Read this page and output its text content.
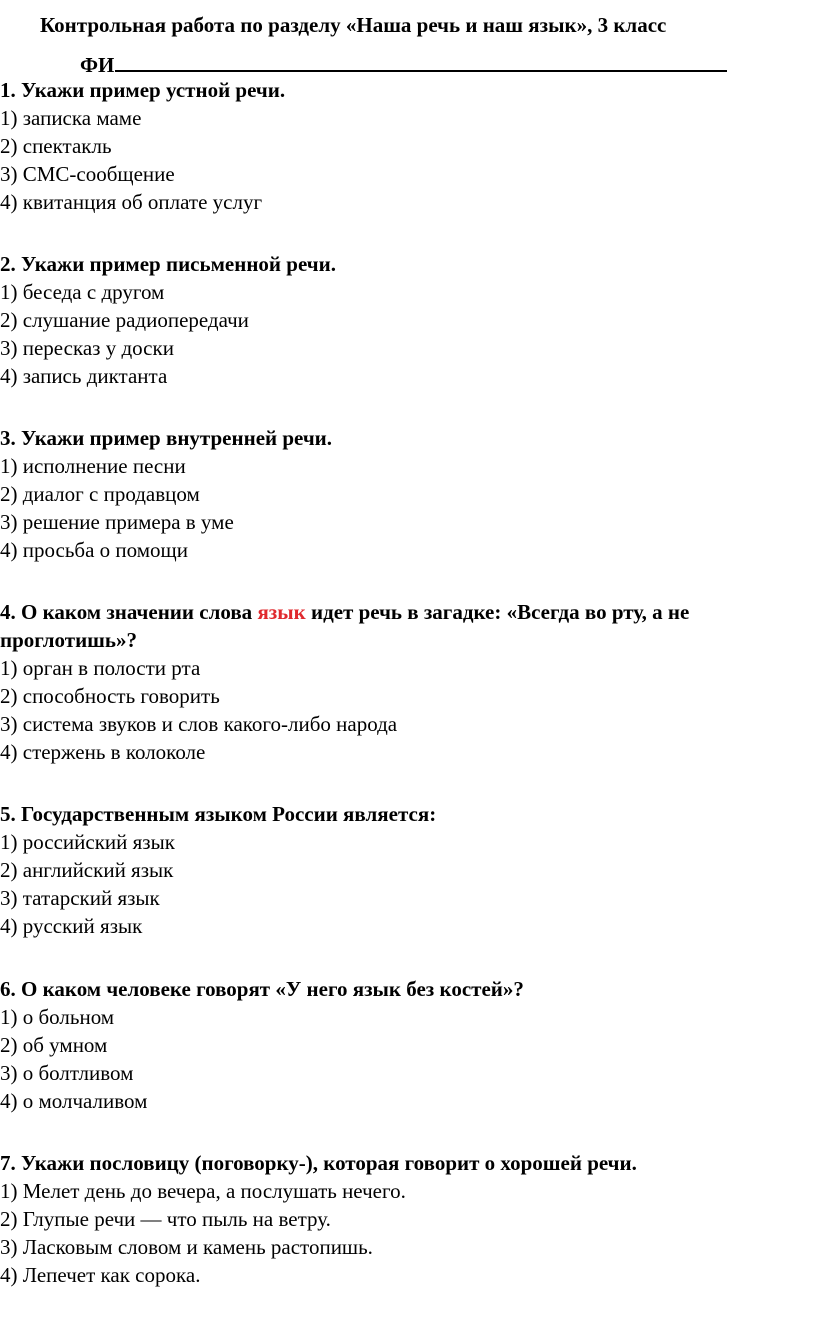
Контрольная работа по разделу «Наша речь и наш язык», 3 класс
ФИ

1. Укажи пример устной речи.

1) записка маме

2) спектакль

3) СМС-сообщение

4) квитанция об оплате услуг

2. Укажи пример письменной речи.

1) беседа с другом

2) слушание радиопередачи

3) пересказ у доски

4) запись диктанта

3. Укажи пример внутренней речи.

1) исполнение песни

2) диалог с продавцом

3) решение примера в уме

4) просьба о помощи

4. О каком значении слова язык идет речь в загадке: «Всегда во рту, а не проглотишь»?

1) орган в полости рта

2) способность говорить

3) система звуков и слов какого-либо народа

4) стержень в колоколе

5. Государственным языком России является:

1) российский язык

2) английский язык

3) татарский язык

4) русский язык

6. О каком человеке говорят «У него язык без костей»?

1) о больном

2) об умном

3) о болтливом

4) о молчаливом

7. Укажи пословицу (поговорку-), которая говорит о хорошей речи.

1) Мелет день до вечера, а послушать нечего.

2) Глупые речи — что пыль на ветру.

3) Ласковым словом и камень растопишь.

4) Лепечет как сорока.
